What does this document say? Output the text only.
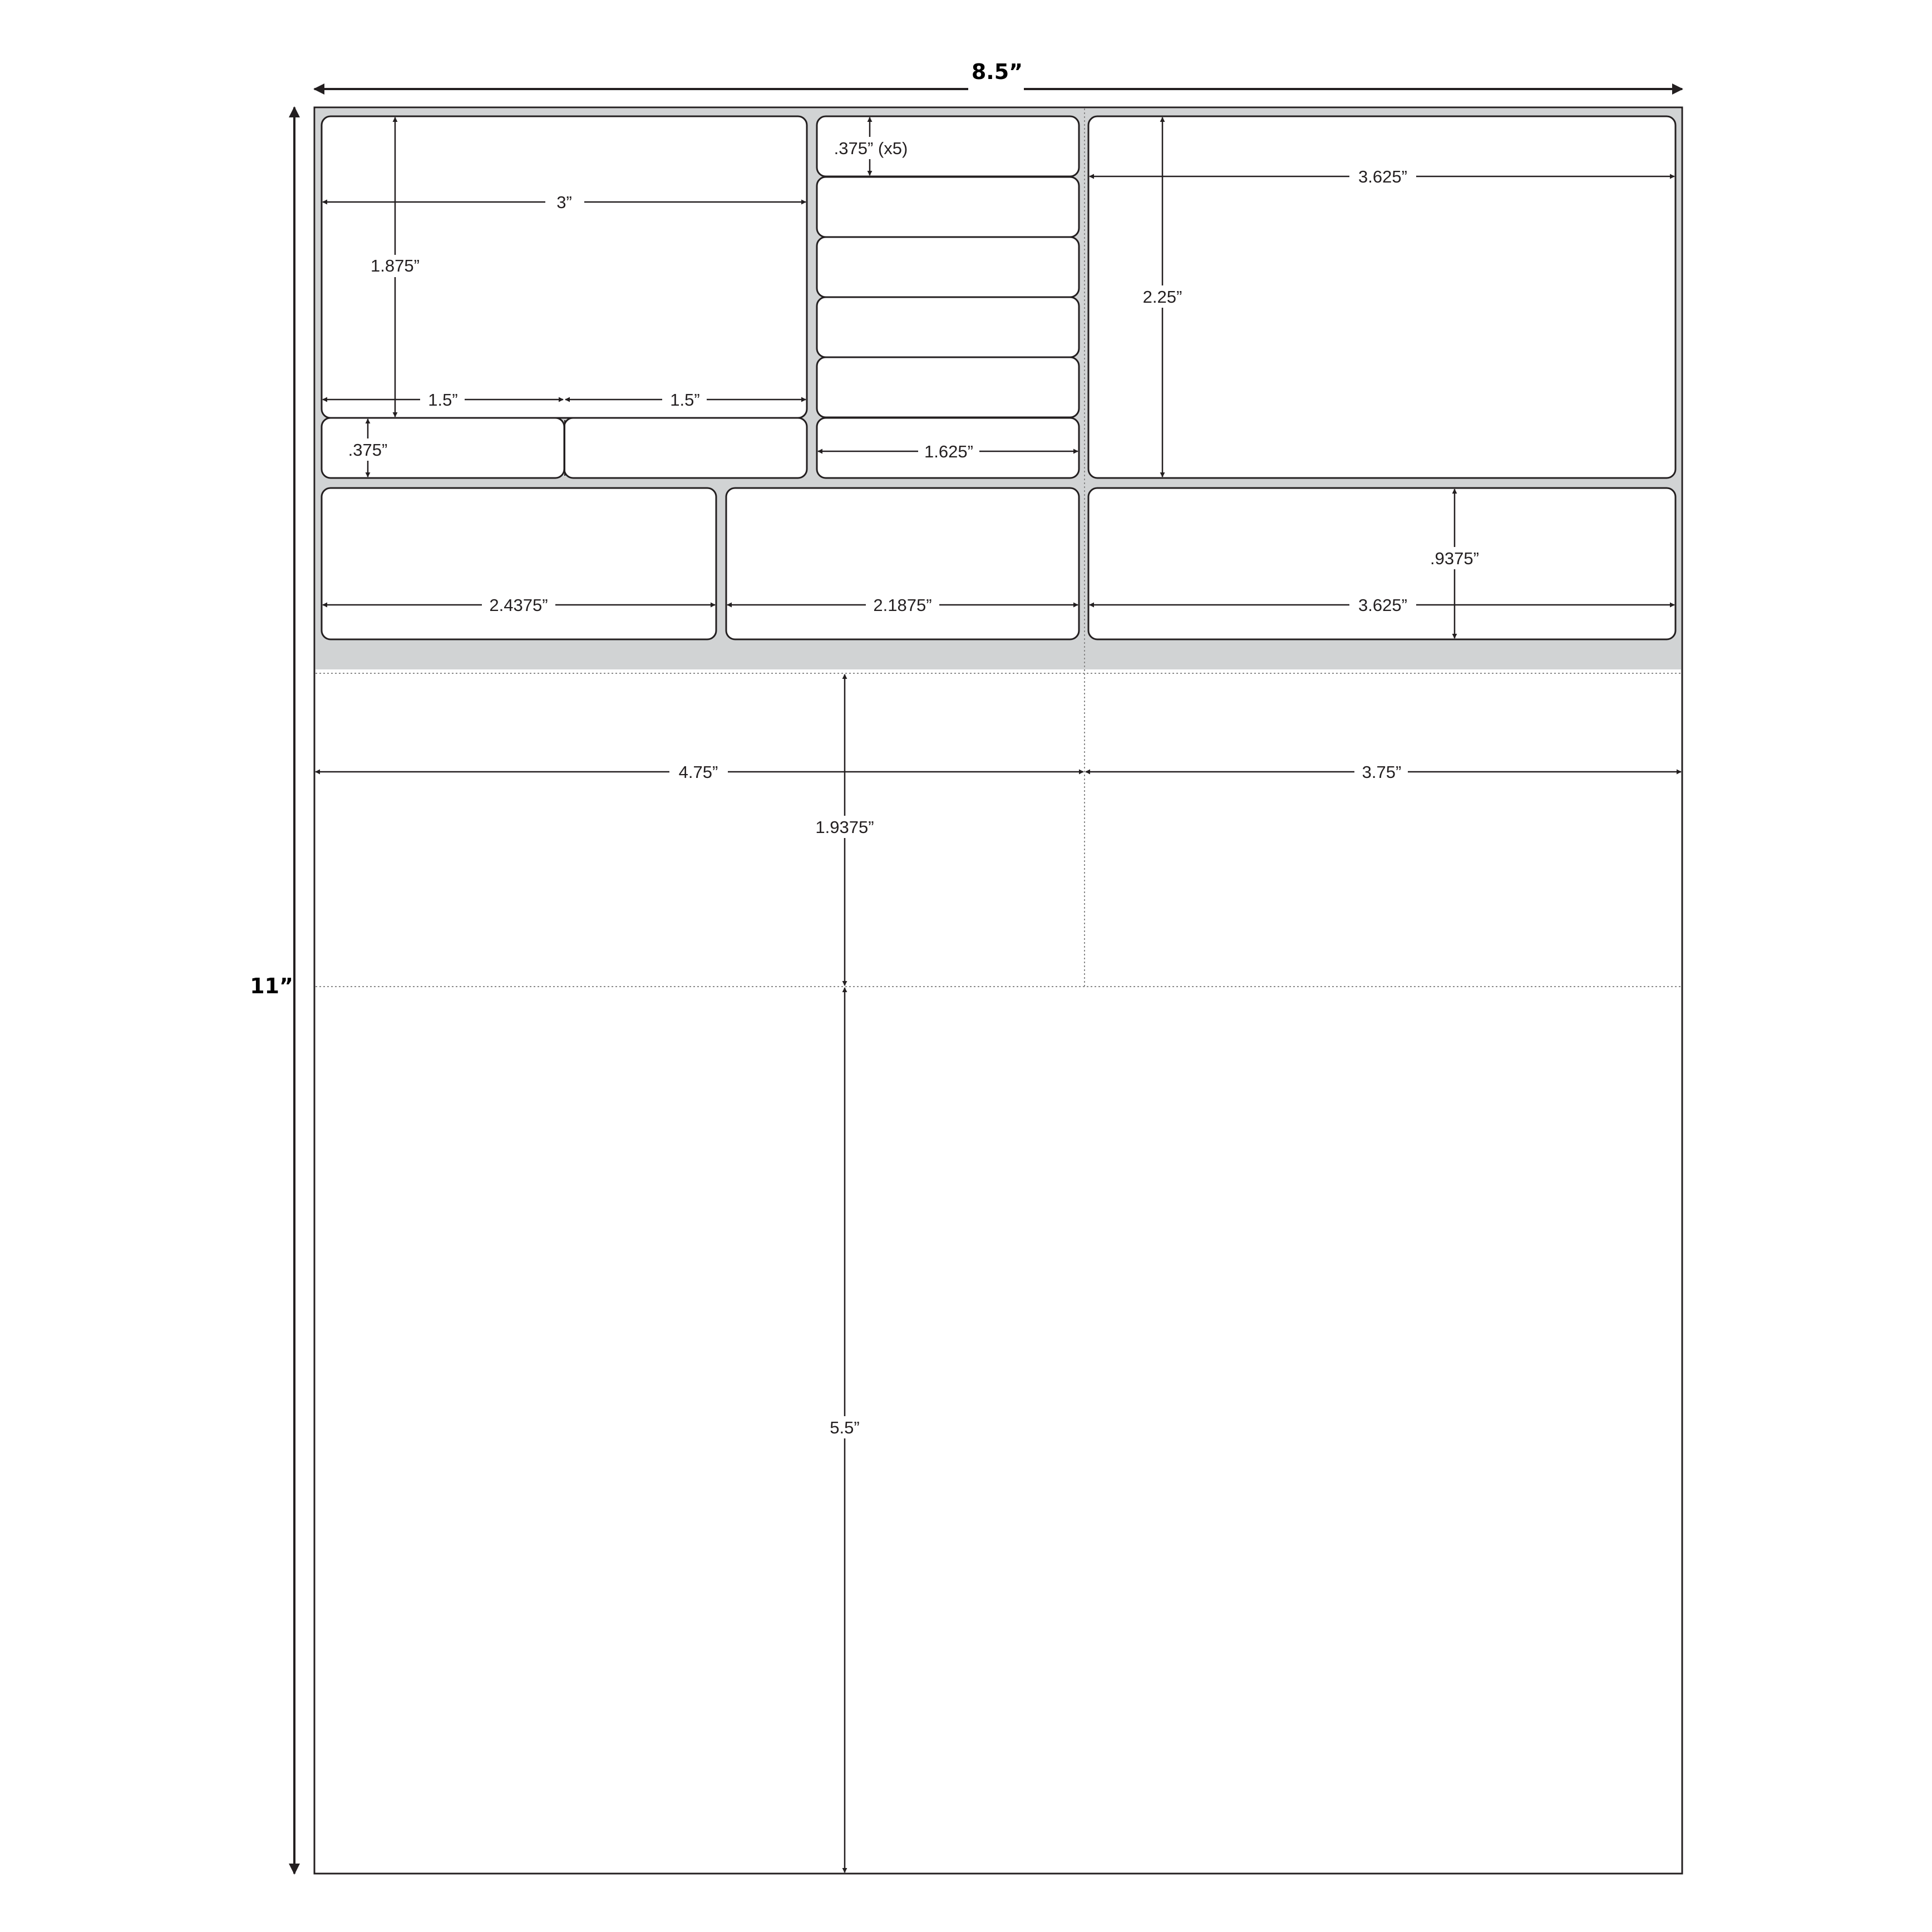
8.5”
11”
3”
1.875”
1.5”	1.5”
.375”
.375” (x5)
1.625”
3.625”
2.25”
2.4375”	2.1875”	3.625”
.9375”
4.75”	3.75”
1.9375”
5.5”
